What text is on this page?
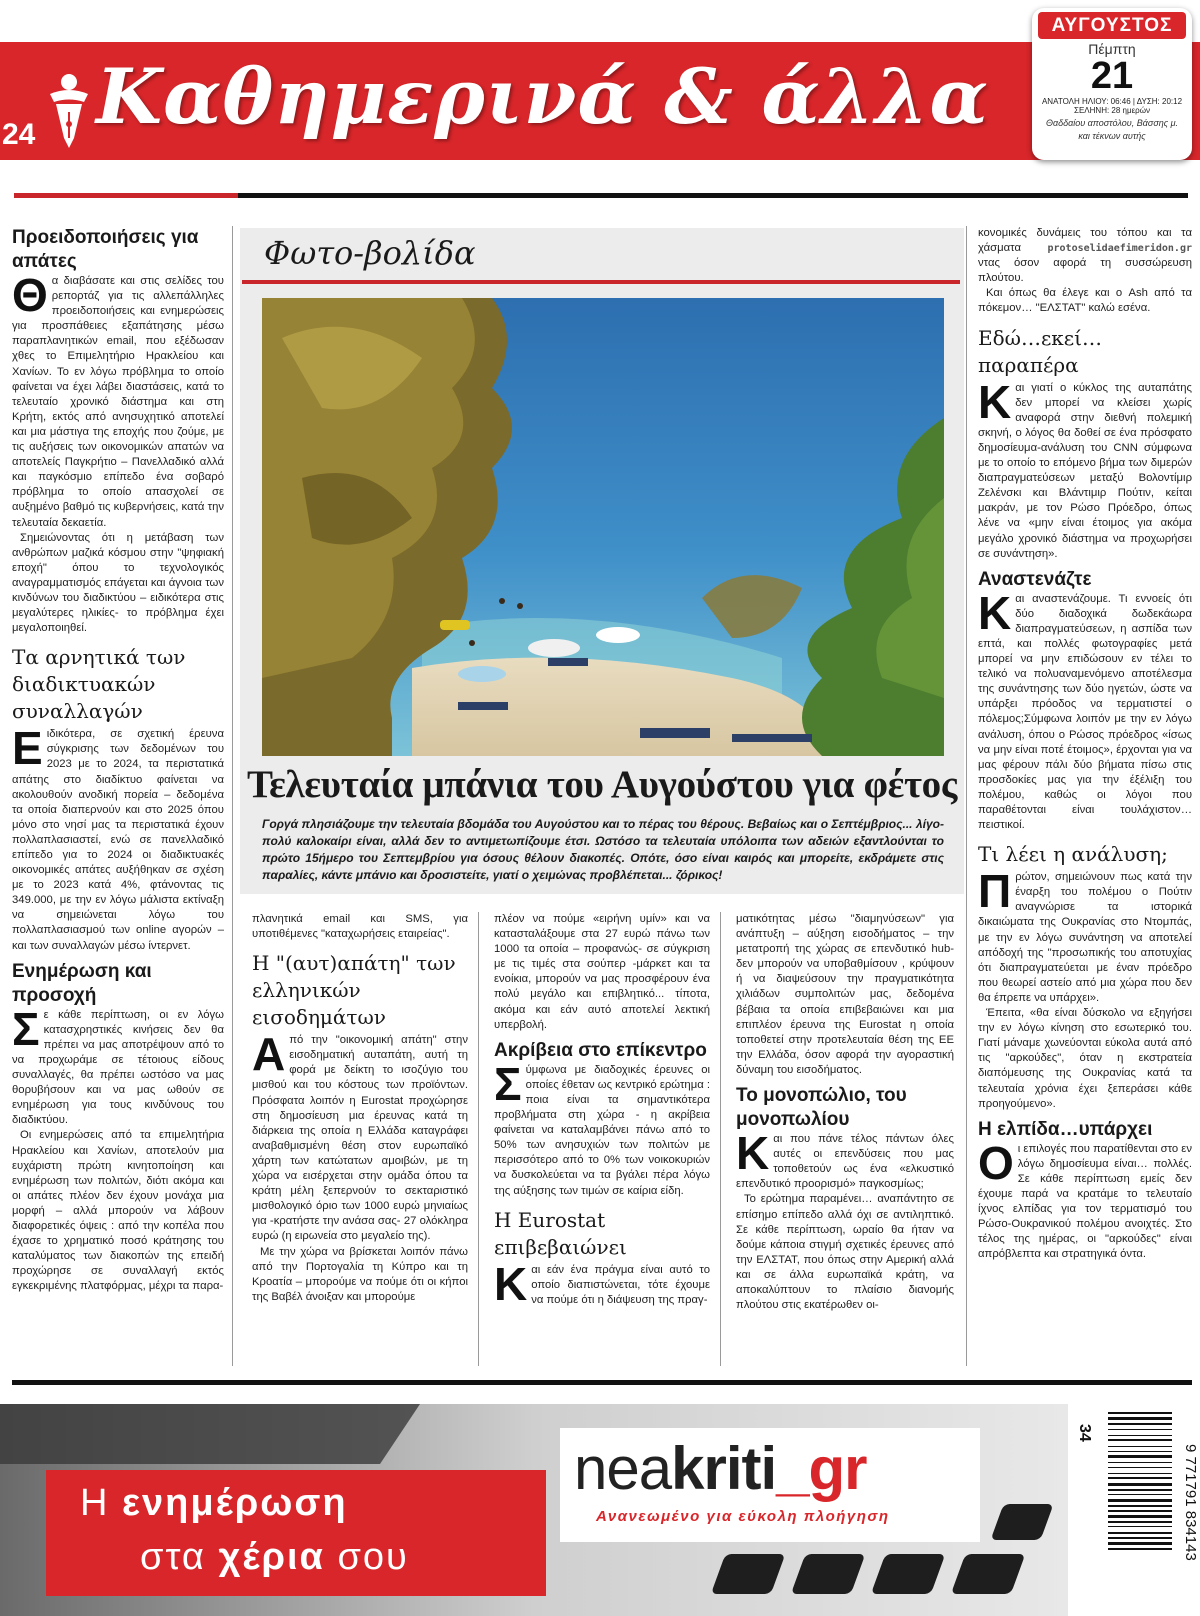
24 Καθημερινά & άλλα
ΑΥΓΟΥΣΤΟΣ
Πέμπτη
21
ΑΝΑΤΟΛΗ ΗΛΙΟΥ: 06:46 | ΔΥΣΗ: 20:12
ΣΕΛΗΝΗ: 28 ημερών
Θαδδαίου αποστόλου, Βάσσης μ. και τέκνων αυτής
Προειδοποιήσεις για απάτες

Θα διαβάσατε και στις σελίδες του ρεπορτάζ για τις αλλεπάλληλες προειδοποιήσεις και ενημερώσεις για προσπάθειες εξαπάτησης μέσω παραπλανητικών email, που εξέδωσαν χθες το Επιμελητήριο Ηρακλείου και Χανίων. Το εν λόγω πρόβλημα το οποίο φαίνεται να έχει λάβει διαστάσεις, κατά το τελευταίο χρονικό διάστημα και στη Κρήτη, εκτός από ανησυχητικό αποτελεί και μια μάστιγα της εποχής που ζούμε, με τις αυξήσεις των οικονομικών απατών να αποτελείς Παγκρήτιο – Πανελλαδικό αλλά και παγκόσμιο επίπεδο ένα σοβαρό πρόβλημα το οποίο απασχολεί σε αυξημένο βαθμό τις κυβερνήσεις, κατά την τελευταία δεκαετία.

Σημειώνοντας ότι η μετάβαση των ανθρώπων μαζικά κόσμου στην "ψηφιακή εποχή" όπου το τεχνολογικός αναγραμματισμός επάγεται και άγνοια των κινδύνων του διαδικτύου – ειδικότερα στις μεγαλύτερες ηλικίες- το πρόβλημα έχει μεγαλοποιηθεί.

Τα αρνητικά των διαδικτυακών συναλλαγών

Ειδικότερα, σε σχετική έρευνα σύγκρισης των δεδομένων του 2023 με το 2024, τα περιστατικά απάτης στο διαδίκτυο φαίνεται να ακολουθούν ανοδική πορεία – δεδομένα τα οποία διαπερνούν και στο 2025 όπου μόνο στο νησί μας τα περιστατικά έχουν πολλαπλασιαστεί, ενώ σε πανελλαδικό επίπεδο για το 2024 οι διαδικτυακές οικονομικές απάτες αυξήθηκαν σε σχέση με το 2023 κατά 4%, φτάνοντας τις 349.000, με την εν λόγω μάλιστα εκτίναξη να σημειώνεται λόγω του πολλαπλασιασμού των online αγορών – και των συναλλαγών μέσω ίντερνετ.

Ενημέρωση και προσοχή

Σε κάθε περίπτωση, οι εν λόγω κατασχρηστικές κινήσεις δεν θα πρέπει να μας αποτρέψουν από το να προχωράμε σε τέτοιους είδους συναλλαγές, θα πρέπει ωστόσο να μας θορυβήσουν και να μας ωθούν σε ενημέρωση για τους κινδύνους του διαδικτύου.

Οι ενημερώσεις από τα επιμελητήρια Ηρακλείου και Χανίων, αποτελούν μια ευχάριστη πρώτη κινητοποίηση και ενημέρωση των πολιτών, διότι ακόμα και οι απάτες πλέον δεν έχουν μονάχα μια μορφή – αλλά μπορούν να λάβουν διαφορετικές όψεις : από την κοπέλα που έχασε το χρηματικό ποσό κράτησης του καταλύματος των διακοπών της επειδή προχώρησε σε συναλλαγή εκτός εγκεκριμένης πλατφόρμας, μέχρι τα παρα-

Φωτο-βολίδα
Τελευταία μπάνια του Αυγούστου για φέτος
Γοργά πλησιάζουμε την τελευταία βδομάδα του Αυγούστου και το πέρας του θέρους. Βεβαίως και ο Σεπτέμβριος... λίγο-πολύ καλοκαίρι είναι, αλλά δεν το αντιμετωπίζουμε έτσι. Ωστόσο τα τελευταία υπόλοιπα των αδειών εξαντλούνται το πρώτο 15ήμερο του Σεπτεμβρίου για όσους θέλουν διακοπές. Οπότε, όσο είναι καιρός και μπορείτε, εκδράμετε στις παραλίες, κάντε μπάνιο και δροσιστείτε, γιατί ο χειμώνας προβλέπεται... ζόρικος!

πλανητικά email και SMS, για υποτιθέμενες "καταχωρήσεις εταιρείας".

Η "(αυτ)απάτη" των ελληνικών εισοδημάτων

Από την "οικονομική απάτη" στην εισοδηματική αυταπάτη, αυτή τη φορά με δείκτη το ισοζύγιο του μισθού και του κόστους των προϊόντων. Πρόσφατα λοιπόν η Eurostat προχώρησε στη δημοσίευση μια έρευνας κατά τη διάρκεια της οποία η Ελλάδα καταγράφει αναβαθμισμένη θέση στον ευρωπαϊκό χάρτη των κατώτατων αμοιβών, με τη χώρα να εισέρχεται στην ομάδα όπου τα κράτη μέλη ξεπερνούν το σεκταριστικό μισθολογικό όριο των 1000 ευρώ μηνιαίως για -κρατήστε την ανάσα σας- 27 ολόκληρα ευρώ (η ειρωνεία στο μεγαλείο της).

Με την χώρα να βρίσκεται λοιπόν πάνω από την Πορτογαλία τη Κύπρο και τη Κροατία – μπορούμε να πούμε ότι οι κήποι της Βαβέλ άνοιξαν και μπορούμε

πλέον να πούμε «ειρήνη υμίν» και να κατασταλάξουμε στα 27 ευρώ πάνω των 1000 τα οποία – προφανώς- σε σύγκριση με τις τιμές στα σούπερ -μάρκετ και τα ενοίκια, μπορούν να μας προσφέρουν ένα πολύ μεγάλο και επιβλητικό... τίποτα, ακόμα και εάν αυτό αποτελεί λεκτική υπερβολή.

Ακρίβεια στο επίκεντρο

Σύμφωνα με διαδοχικές έρευνες οι οποίες έθεταν ως κεντρικό ερώτημα : ποια είναι τα σημαντικότερα προβλήματα στη χώρα - η ακρίβεια φαίνεται να καταλαμβάνει πάνω από το 50% των ανησυχιών των πολιτών με περισσότερο από το 0% των νοικοκυριών να δυσκολεύεται να τα βγάλει πέρα λόγω της αύξησης των τιμών σε καίρια είδη.

Η Eurostat επιβεβαιώνει

Και εάν ένα πράγμα είναι αυτό το οποίο διαπιστώνεται, τότε έχουμε να πούμε ότι η διάψευση της πραγ-

ματικότητας μέσω "διαμηνύσεων" για ανάπτυξη – αύξηση εισοδήματος – την μετατροπή της χώρας σε επενδυτικό hub- δεν μπορούν να υποβαθμίσουν , κρύψουν ή να διαψεύσουν την πραγματικότητα χιλιάδων συμπολιτών μας, δεδομένα βέβαια τα οποία επιβεβαιώνει και μια επιπλέον έρευνα της Eurostat η οποία τοποθετεί στην προτελευταία θέση της ΕΕ την Ελλάδα, όσον αφορά την αγοραστική δύναμη του εισοδήματος.

Το μονοπώλιο, του μονοπωλίου

Και που πάνε τέλος πάντων όλες αυτές οι επενδύσεις που μας τοποθετούν ως ένα «ελκυστικό επενδυτικό προορισμό» παγκοσμίως;

Το ερώτημα παραμένει… αναπάντητο σε επίσημο επίπεδο αλλά όχι σε αντιληπτικό. Σε κάθε περίπτωση, ωραίο θα ήταν να δούμε κάποια στιγμή σχετικές έρευνες από την ΕΛΣΤΑΤ, που όπως στην Αμερική αλλά και σε άλλα ευρωπαϊκά κράτη, να αποκαλύπτουν το πλαίσιο διανομής πλούτου στις εκατέρωθεν οι-

κονομικές δυνάμεις του τόπου και τα χάσματα	protoselidaefimeridon.gr ντας όσον αφορά τη συσσώρευση πλούτου.

Και όπως θα έλεγε και ο Ash από τα πόκεμον… "ΕΛΣΤΑΤ" καλώ εσένα.

Εδώ…εκεί… παραπέρα

Και γιατί ο κύκλος της αυταπάτης δεν μπορεί να κλείσει χωρίς αναφορά στην διεθνή πολεμική σκηνή, ο λόγος θα δοθεί σε ένα πρόσφατο δημοσίευμα-ανάλυση του CNN σύμφωνα με το οποίο το επόμενο βήμα των διμερών διαπραγματεύσεων μεταξύ Βολοντίμιρ Ζελένσκι και Βλάντιμιρ Πούτιν, κείται μακράν, με τον Ρώσο Πρόεδρο, όπως λένε να «μην είναι έτοιμος για ακόμα μεγάλο χρονικό διάστημα να προχωρήσει σε συνάντηση».

Αναστενάζτε

Και αναστενάζουμε. Τι εννοείς ότι δύο διαδοχικά δωδεκάωρα διαπραγματεύσεων, η ασπίδα των επτά, και πολλές φωτογραφίες μετά μπορεί να μην επιδώσουν εν τέλει το τελικό να πολυαναμενόμενο αποτέλεσμα της συνάντησης των δύο ηγετών, ώστε να υπάρξει πρόοδος να τερματιστεί ο πόλεμος;Σύμφωνα λοιπόν με την εν λόγω ανάλυση, όπου ο Ρώσος πρόεδρος «ίσως να μην είναι ποτέ έτοιμος», έρχονται για να μας φέρουν πάλι δύο βήματα πίσω στις προσδοκίες μας για την έξέλιξη του πολέμου, καθώς οι λόγοι που παραθέτονται είναι τουλάχιστον… πειστικοί.

Τι λέει η ανάλυση;

Πρώτον, σημειώνουν πως κατά την έναρξη του πολέμου ο Πούτιν αναγνώρισε τα ιστορικά δικαιώματα της Ουκρανίας στο Ντομπάς, με την εν λόγω συνάντηση να αποτελεί απόδοχή της "προσωπικής του αποτυχίας ότι διαπραγματεύεται με έναν πρόεδρο που θεωρεί αστείο από μια χώρα που δεν θα έπρεπε να υπάρχει».

Έπειτα, «θα είναι δύσκολο να εξηγήσει την εν λόγω κίνηση στο εσωτερικό του. Γιατί μάναμε χωνεύονται εύκολα αυτά από τις "αρκούδες", όταν η εκστρατεία διαπόμευσης της Ουκρανίας κατά τα τελευταία χρόνια έχει ξεπεράσει κάθε προηγούμενο».

Η ελπίδα…υπάρχει

Οι επιλογές που παρατίθενται στο εν λόγω δημοσίευμα είναι… πολλές. Σε κάθε περίπτωση εμείς δεν έχουμε παρά να κρατάμε το τελευταίο ίχνος ελπίδας για τον τερματισμό του Ρώσο-Ουκρανικού πολέμου ανοιχτές. Στο τέλος της ημέρας, οι "αρκούδες" είναι απρόβλεπτα και στρατηγικά όντα.

Η ενημέρωση
στα χέρια σου
neakriti_gr
Ανανεωμένο για εύκολη πλοήγηση
34
9 771791 834143
